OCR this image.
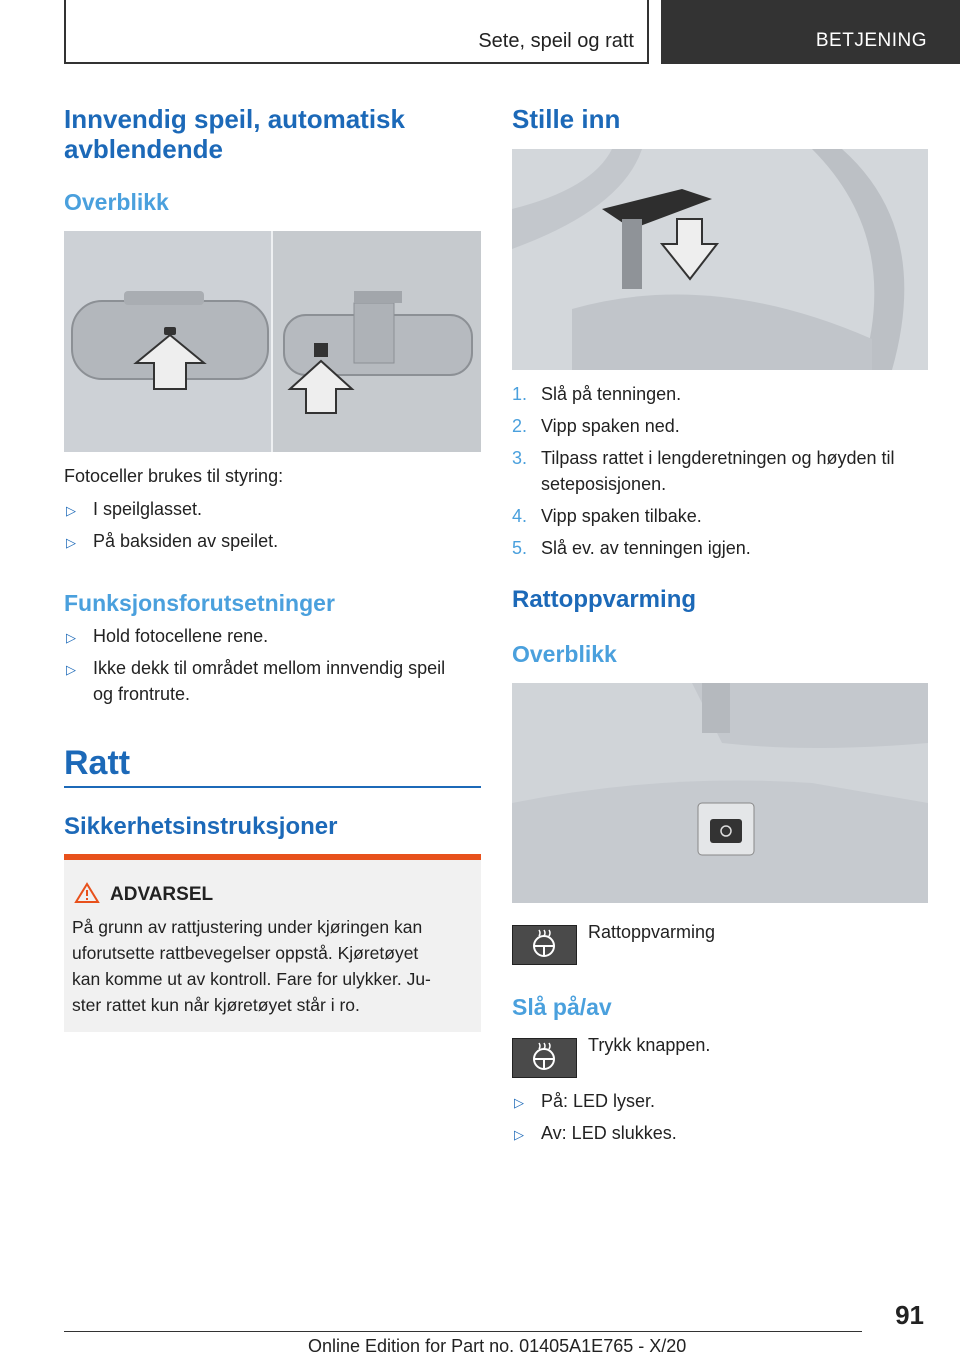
Sete, speil og ratt	BETJENING
Innvendig speil, automatisk
avblendende
Overblikk
Fotoceller brukes til styring:
▷ I speilglasset.
▷ På baksiden av speilet.
Funksjonsforutsetninger
▷ Hold fotocellene rene.
▷ Ikke dekk til området mellom innvendig speil
og frontrute.
Ratt
Sikkerhetsinstruksjoner
ADVARSEL
På grunn av rattjustering under kjøringen kan
uforutsette rattbevegelser oppstå. Kjøretøyet
kan komme ut av kontroll. Fare for ulykker. Ju-
ster rattet kun når kjøretøyet står i ro.
Stille inn
1. Slå på tenningen.
2. Vipp spaken ned.
3. Tilpass rattet i lengderetningen og høyden til
seteposisjonen.
4. Vipp spaken tilbake.
5. Slå ev. av tenningen igjen.
Rattoppvarming
Overblikk
Rattoppvarming
Slå på/av
Trykk knappen.
▷ På: LED lyser.
▷ Av: LED slukkes.
91
Online Edition for Part no. 01405A1E765 - X/20
